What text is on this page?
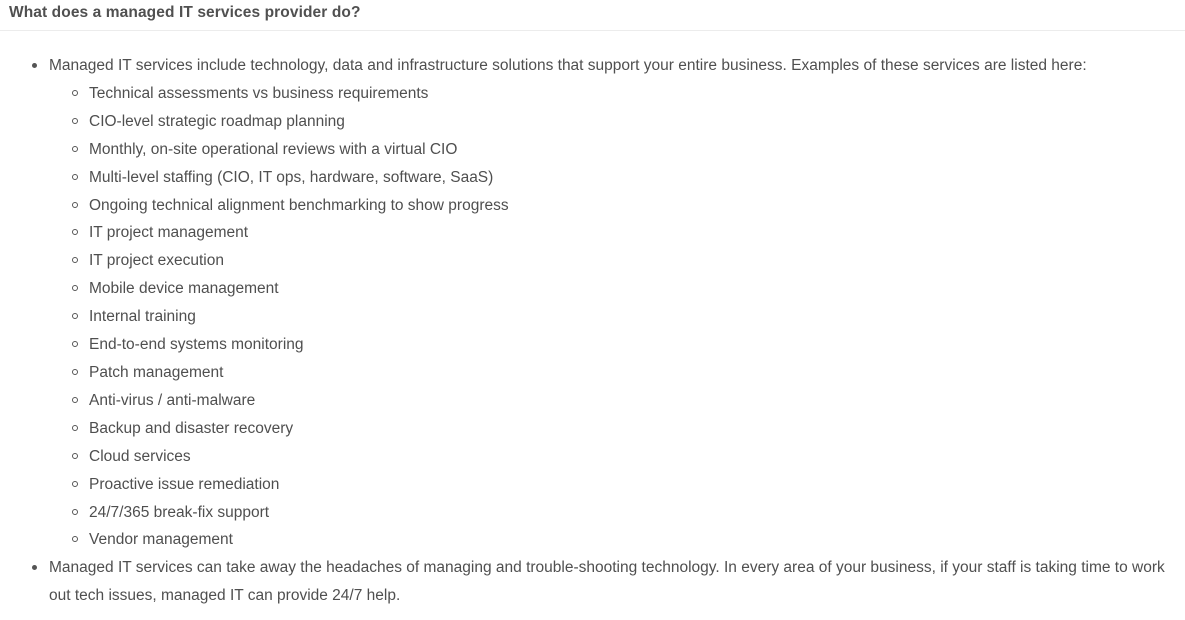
What does a managed IT services provider do?
Managed IT services include technology, data and infrastructure solutions that support your entire business. Examples of these services are listed here:
Technical assessments vs business requirements
CIO-level strategic roadmap planning
Monthly, on-site operational reviews with a virtual CIO
Multi-level staffing (CIO, IT ops, hardware, software, SaaS)
Ongoing technical alignment benchmarking to show progress
IT project management
IT project execution
Mobile device management
Internal training
End-to-end systems monitoring
Patch management
Anti-virus / anti-malware
Backup and disaster recovery
Cloud services
Proactive issue remediation
24/7/365 break-fix support
Vendor management
Managed IT services can take away the headaches of managing and trouble-shooting technology. In every area of your business, if your staff is taking time to work out tech issues, managed IT can provide 24/7 help.
